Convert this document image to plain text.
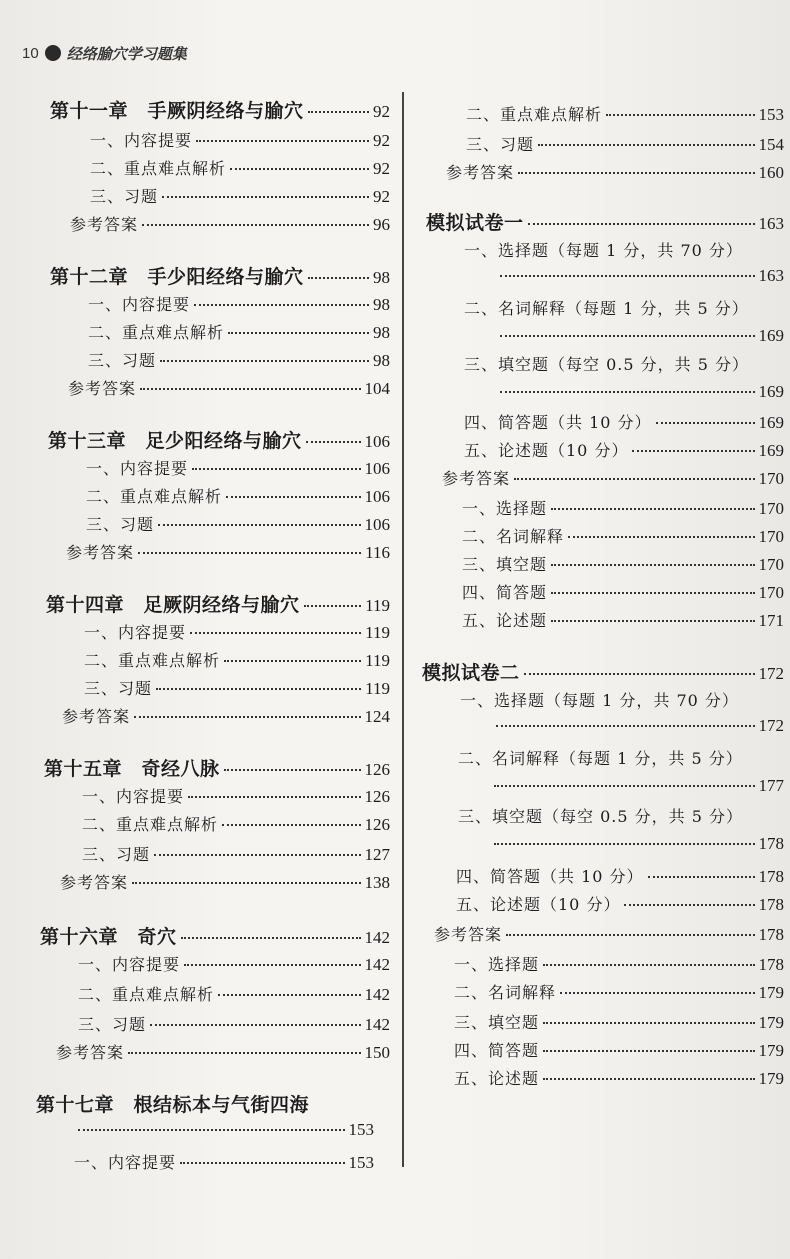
10 经络腧穴学习题集
第十一章　手厥阴经络与腧穴	92
一、内容提要	92
二、重点难点解析	92
三、习题	92
参考答案	96
第十二章　手少阳经络与腧穴	98
一、内容提要	98
二、重点难点解析	98
三、习题	98
参考答案	104
第十三章　足少阳经络与腧穴	106
一、内容提要	106
二、重点难点解析	106
三、习题	106
参考答案	116
第十四章　足厥阴经络与腧穴	119
一、内容提要	119
二、重点难点解析	119
三、习题	119
参考答案	124
第十五章　奇经八脉	126
一、内容提要	126
二、重点难点解析	126
三、习题	127
参考答案	138
第十六章　奇穴	142
一、内容提要	142
二、重点难点解析	142
三、习题	142
参考答案	150
第十七章　根结标本与气街四海
153
一、内容提要	153
二、重点难点解析	153
三、习题	154
参考答案	160
模拟试卷一	163
一、选择题（每题 1 分，共 70 分）
163
二、名词解释（每题 1 分，共 5 分）
169
三、填空题（每空 0.5 分，共 5 分）
169
四、简答题（共 10 分）	169
五、论述题（10 分）	169
参考答案	170
一、选择题	170
二、名词解释	170
三、填空题	170
四、简答题	170
五、论述题	171
模拟试卷二	172
一、选择题（每题 1 分，共 70 分）
172
二、名词解释（每题 1 分，共 5 分）
177
三、填空题（每空 0.5 分，共 5 分）
178
四、简答题（共 10 分）	178
五、论述题（10 分）	178
参考答案	178
一、选择题	178
二、名词解释	179
三、填空题	179
四、简答题	179
五、论述题	179
